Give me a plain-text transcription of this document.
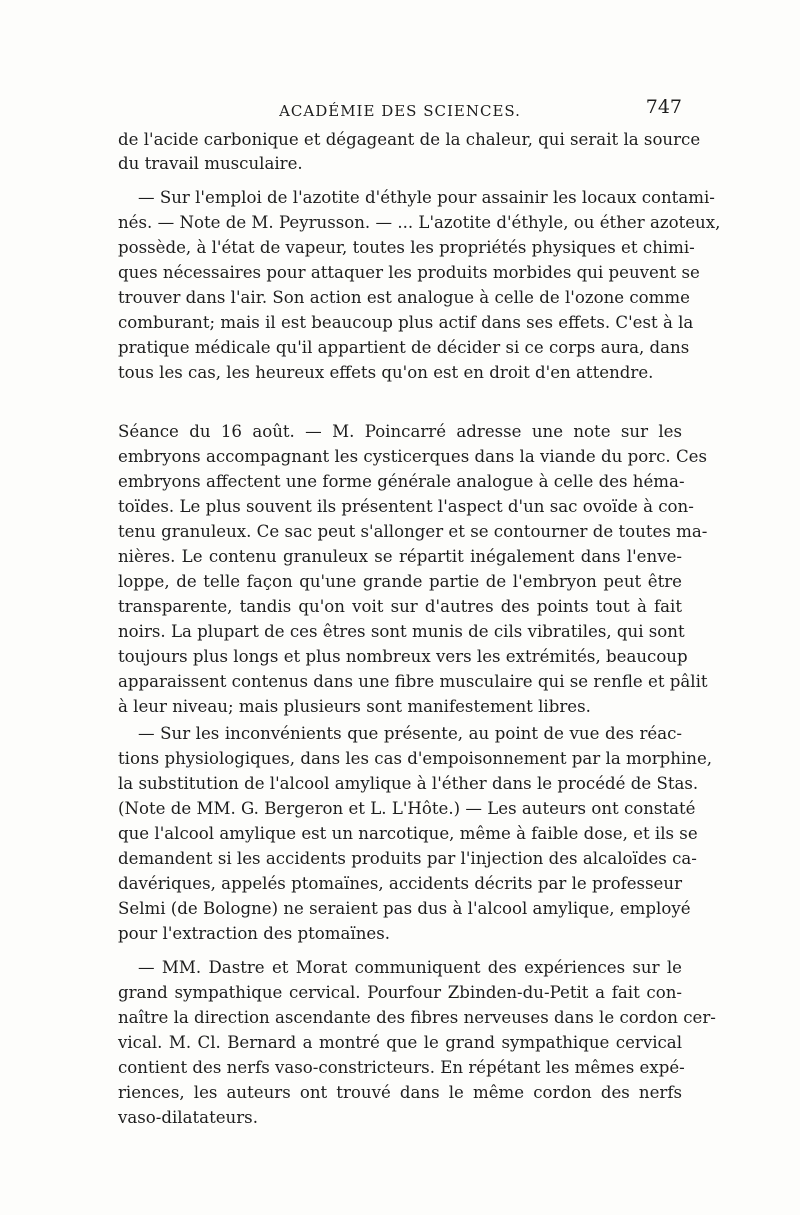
ACADÉMIE DES SCIENCES.	747
de l'acide carbonique et dégageant de la chaleur, qui serait la source
du travail musculaire.
— Sur l'emploi de l'azotite d'éthyle pour assainir les locaux contami-
nés. — Note de M. Peyrusson. — ... L'azotite d'éthyle, ou éther azoteux,
possède, à l'état de vapeur, toutes les propriétés physiques et chimi-
ques nécessaires pour attaquer les produits morbides qui peuvent se
trouver dans l'air. Son action est analogue à celle de l'ozone comme
comburant; mais il est beaucoup plus actif dans ses effets. C'est à la
pratique médicale qu'il appartient de décider si ce corps aura, dans
tous les cas, les heureux effets qu'on est en droit d'en attendre.
Séance du 16 août. — M. Poincarré adresse une note sur les
embryons accompagnant les cysticerques dans la viande du porc. Ces
embryons affectent une forme générale analogue à celle des héma-
toïdes. Le plus souvent ils présentent l'aspect d'un sac ovoïde à con-
tenu granuleux. Ce sac peut s'allonger et se contourner de toutes ma-
nières. Le contenu granuleux se répartit inégalement dans l'enve-
loppe, de telle façon qu'une grande partie de l'embryon peut être
transparente, tandis qu'on voit sur d'autres des points tout à fait
noirs. La plupart de ces êtres sont munis de cils vibratiles, qui sont
toujours plus longs et plus nombreux vers les extrémités, beaucoup
apparaissent contenus dans une fibre musculaire qui se renfle et pâlit
à leur niveau; mais plusieurs sont manifestement libres.
— Sur les inconvénients que présente, au point de vue des réac-
tions physiologiques, dans les cas d'empoisonnement par la morphine,
la substitution de l'alcool amylique à l'éther dans le procédé de Stas.
(Note de MM. G. Bergeron et L. L'Hôte.) — Les auteurs ont constaté
que l'alcool amylique est un narcotique, même à faible dose, et ils se
demandent si les accidents produits par l'injection des alcaloïdes ca-
davériques, appelés ptomaïnes, accidents décrits par le professeur
Selmi (de Bologne) ne seraient pas dus à l'alcool amylique, employé
pour l'extraction des ptomaïnes.
— MM. Dastre et Morat communiquent des expériences sur le
grand sympathique cervical. Pourfour Zbinden-du-Petit a fait con-
naître la direction ascendante des fibres nerveuses dans le cordon cer-
vical. M. Cl. Bernard a montré que le grand sympathique cervical
contient des nerfs vaso-constricteurs. En répétant les mêmes expé-
riences, les auteurs ont trouvé dans le même cordon des nerfs
vaso-dilatateurs.
